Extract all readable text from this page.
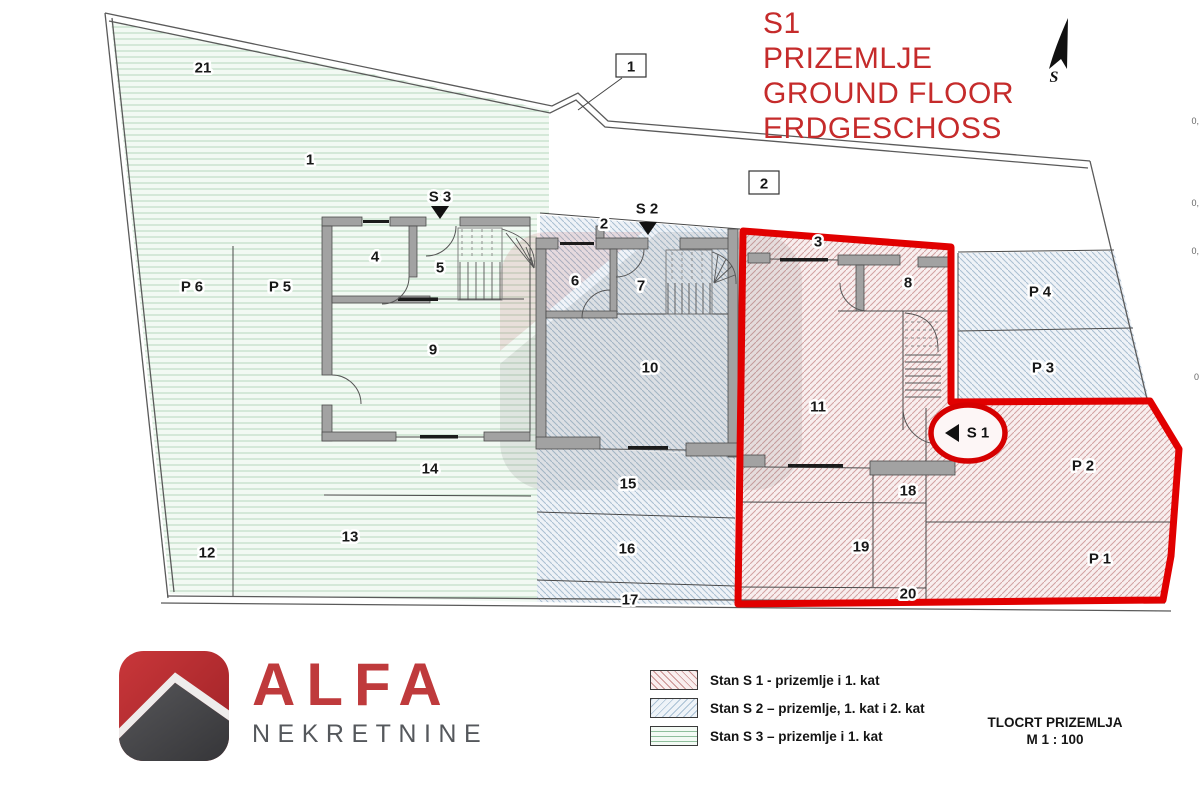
S 1
S
21
1
P 6	P 5
4
5
9
14
12
13
S 3
S 2
2
6	7
10
15
16
17
3
8
11
18
19
20
P 4
P 3
P 2
P 1
1
2
0,
0,
0,
0
S1
PRIZEMLJE
GROUND FLOOR
ERDGESCHOSS
Stan S 1 - prizemlje i 1. kat
Stan S 2 – prizemlje, 1. kat i 2. kat
Stan S 3 – prizemlje i 1. kat
TLOCRT PRIZEMLJA
M 1 : 100
ALFA
NEKRETNINE
